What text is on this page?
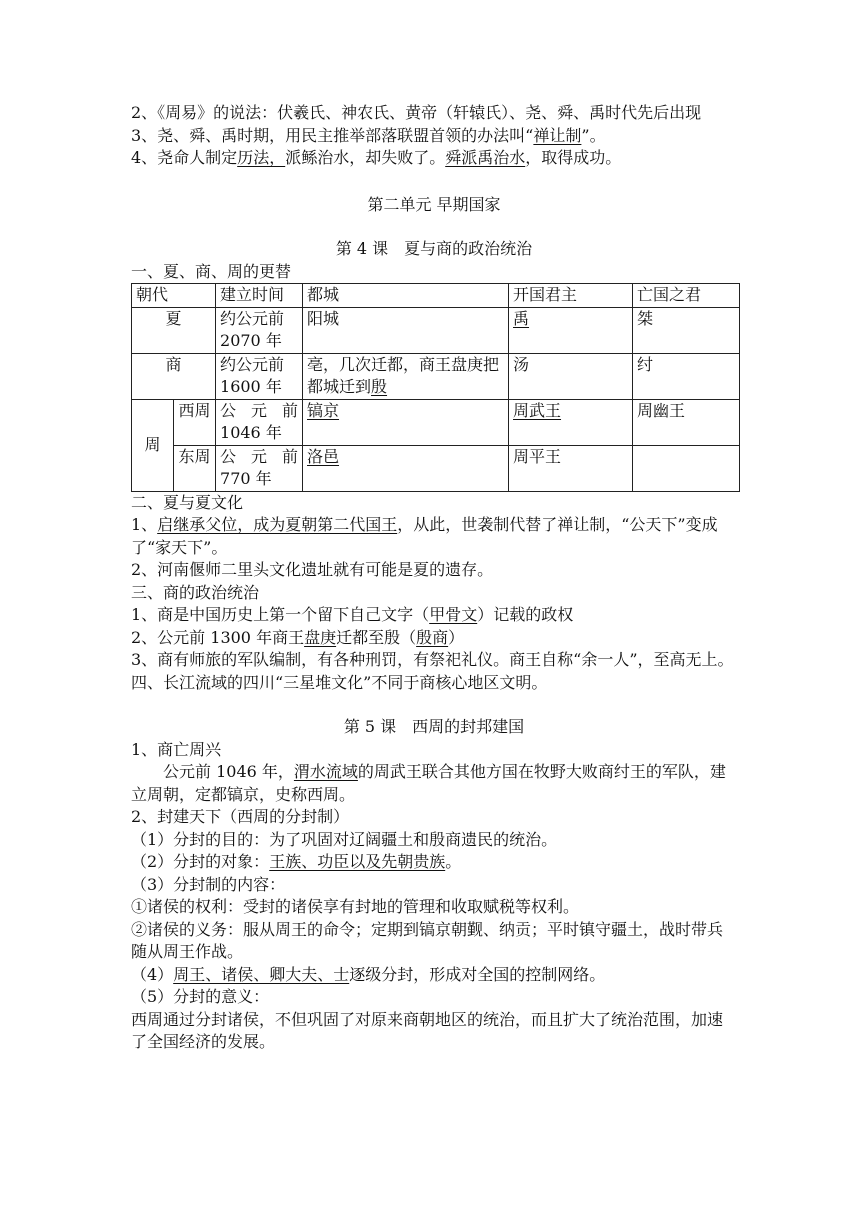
2、《周易》的说法：伏羲氏、神农氏、黄帝（轩辕氏）、尧、舜、禹时代先后出现

3、尧、舜、禹时期，用民主推举部落联盟首领的办法叫“禅让制”。

4、尧命人制定历法，派鲧治水，却失败了。舜派禹治水，取得成功。

第二单元 早期国家

第 4 课　夏与商的政治统治

一、夏、商、周的更替

朝代		建立时间	都城	开国君主	亡国之君
夏		约公元前2070 年	阳城	禹	桀
商		约公元前1600 年	亳，几次迁都，商王盘庚把都城迁到殷	汤	纣
周	西周	公 元 前
1046 年	镐京	周武王	周幽王
	东周	公 元 前
770 年	洛邑	周平王	

二、夏与夏文化

1、启继承父位，成为夏朝第二代国王，从此，世袭制代替了禅让制，“公天下”变成了“家天下”。

2、河南偃师二里头文化遗址就有可能是夏的遗存。

三、商的政治统治

1、商是中国历史上第一个留下自己文字（甲骨文）记载的政权

2、公元前 1300 年商王盘庚迁都至殷（殷商）

3、商有师旅的军队编制，有各种刑罚，有祭祀礼仪。商王自称“余一人”，至高无上。

四、长江流域的四川“三星堆文化”不同于商核心地区文明。

第 5 课　西周的封邦建国

1、商亡周兴

公元前 1046 年，渭水流域的周武王联合其他方国在牧野大败商纣王的军队，建立周朝，定都镐京，史称西周。

2、封建天下（西周的分封制）

（1）分封的目的：为了巩固对辽阔疆土和殷商遗民的统治。

（2）分封的对象：王族、功臣以及先朝贵族。

（3）分封制的内容：

①诸侯的权利：受封的诸侯享有封地的管理和收取赋税等权利。

②诸侯的义务：服从周王的命令；定期到镐京朝觐、纳贡；平时镇守疆土，战时带兵随从周王作战。

（4）周王、诸侯、卿大夫、士逐级分封，形成对全国的控制网络。

（5）分封的意义：

西周通过分封诸侯，不但巩固了对原来商朝地区的统治，而且扩大了统治范围，加速了全国经济的发展。
